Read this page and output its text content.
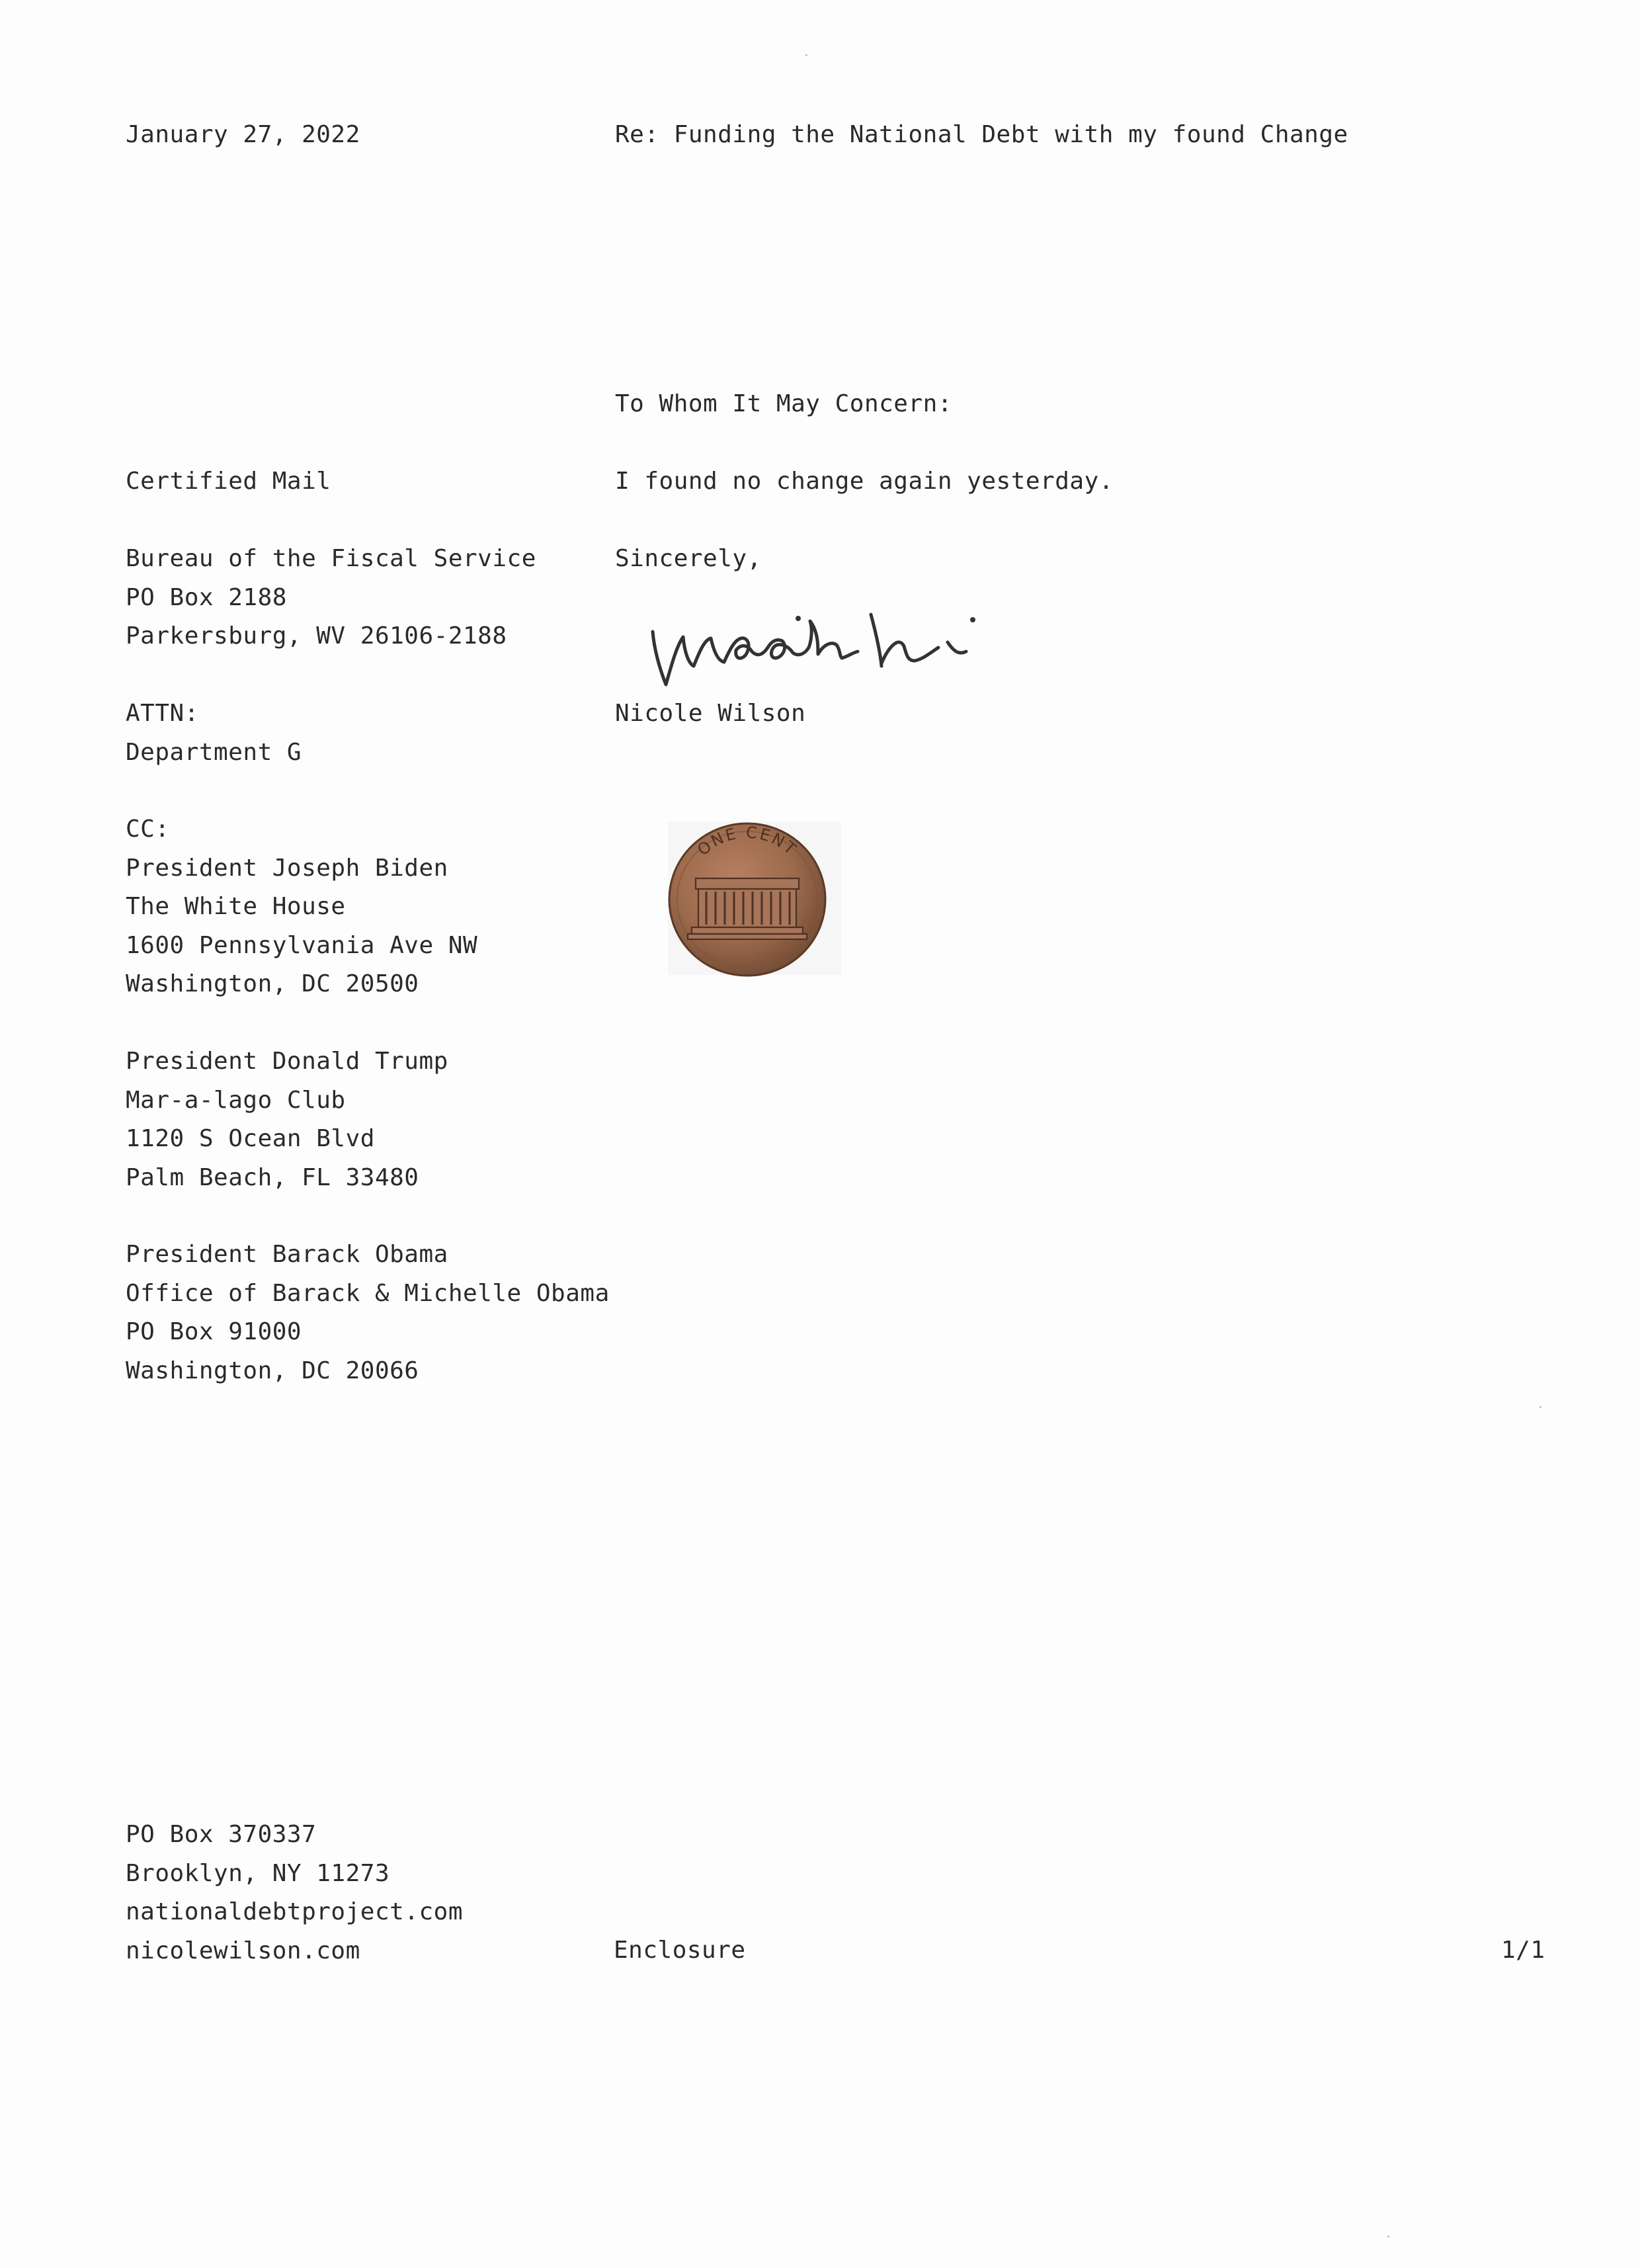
January 27, 2022	Re: Funding the National Debt with my found Change
To Whom It May Concern:
I found no change again yesterday.
Sincerely,
Nicole Wilson
ONE CENT
Certified Mail
Bureau of the Fiscal Service
PO Box 2188
Parkersburg, WV 26106-2188
ATTN:
Department G
CC:
President Joseph Biden
The White House
1600 Pennsylvania Ave NW
Washington, DC 20500
President Donald Trump
Mar-a-lago Club
1120 S Ocean Blvd
Palm Beach, FL 33480
President Barack Obama
Office of Barack & Michelle Obama
PO Box 91000
Washington, DC 20066
PO Box 370337
Brooklyn, NY 11273
nationaldebtproject.com
nicolewilson.com	Enclosure	1/1
